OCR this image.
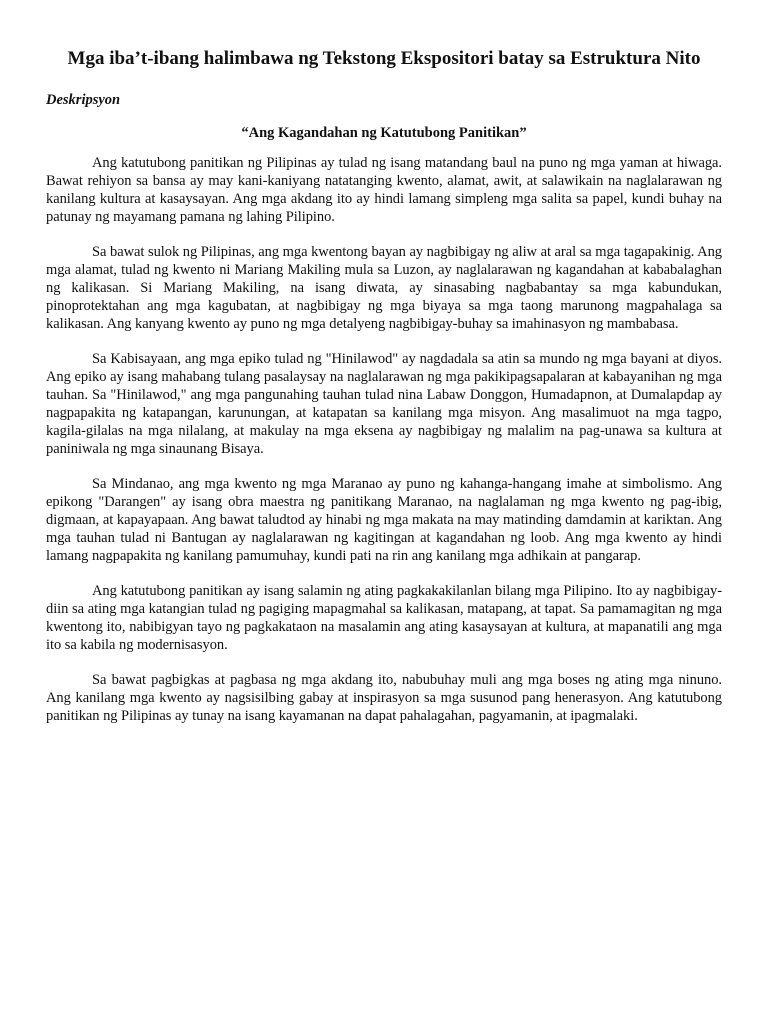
Mga iba’t-ibang halimbawa ng Tekstong Ekspositori batay sa Estruktura Nito
Deskripsyon
“Ang Kagandahan ng Katutubong Panitikan”

Ang katutubong panitikan ng Pilipinas ay tulad ng isang matandang baul na puno ng mga yaman at hiwaga. Bawat rehiyon sa bansa ay may kani-kaniyang natatanging kwento, alamat, awit, at salawikain na naglalarawan ng kanilang kultura at kasaysayan. Ang mga akdang ito ay hindi lamang simpleng mga salita sa papel, kundi buhay na patunay ng mayamang pamana ng lahing Pilipino.

Sa bawat sulok ng Pilipinas, ang mga kwentong bayan ay nagbibigay ng aliw at aral sa mga tagapakinig. Ang mga alamat, tulad ng kwento ni Mariang Makiling mula sa Luzon, ay naglalarawan ng kagandahan at kababalaghan ng kalikasan. Si Mariang Makiling, na isang diwata, ay sinasabing nagbabantay sa mga kabundukan, pinoprotektahan ang mga kagubatan, at nagbibigay ng mga biyaya sa mga taong marunong magpahalaga sa kalikasan. Ang kanyang kwento ay puno ng mga detalyeng nagbibigay-buhay sa imahinasyon ng mambabasa.

Sa Kabisayaan, ang mga epiko tulad ng "Hinilawod" ay nagdadala sa atin sa mundo ng mga bayani at diyos. Ang epiko ay isang mahabang tulang pasalaysay na naglalarawan ng mga pakikipagsapalaran at kabayanihan ng mga tauhan. Sa "Hinilawod," ang mga pangunahing tauhan tulad nina Labaw Donggon, Humadapnon, at Dumalapdap ay nagpapakita ng katapangan, karunungan, at katapatan sa kanilang mga misyon. Ang masalimuot na mga tagpo, kagila-gilalas na mga nilalang, at makulay na mga eksena ay nagbibigay ng malalim na pag-unawa sa kultura at paniniwala ng mga sinaunang Bisaya.

Sa Mindanao, ang mga kwento ng mga Maranao ay puno ng kahanga-hangang imahe at simbolismo. Ang epikong "Darangen" ay isang obra maestra ng panitikang Maranao, na naglalaman ng mga kwento ng pag-ibig, digmaan, at kapayapaan. Ang bawat taludtod ay hinabi ng mga makata na may matinding damdamin at kariktan. Ang mga tauhan tulad ni Bantugan ay naglalarawan ng kagitingan at kagandahan ng loob. Ang mga kwento ay hindi lamang nagpapakita ng kanilang pamumuhay, kundi pati na rin ang kanilang mga adhikain at pangarap.

Ang katutubong panitikan ay isang salamin ng ating pagkakakilanlan bilang mga Pilipino. Ito ay nagbibigay-diin sa ating mga katangian tulad ng pagiging mapagmahal sa kalikasan, matapang, at tapat. Sa pamamagitan ng mga kwentong ito, nabibigyan tayo ng pagkakataon na masalamin ang ating kasaysayan at kultura, at mapanatili ang mga ito sa kabila ng modernisasyon.

Sa bawat pagbigkas at pagbasa ng mga akdang ito, nabubuhay muli ang mga boses ng ating mga ninuno. Ang kanilang mga kwento ay nagsisilbing gabay at inspirasyon sa mga susunod pang henerasyon. Ang katutubong panitikan ng Pilipinas ay tunay na isang kayamanan na dapat pahalagahan, pagyamanin, at ipagmalaki.
